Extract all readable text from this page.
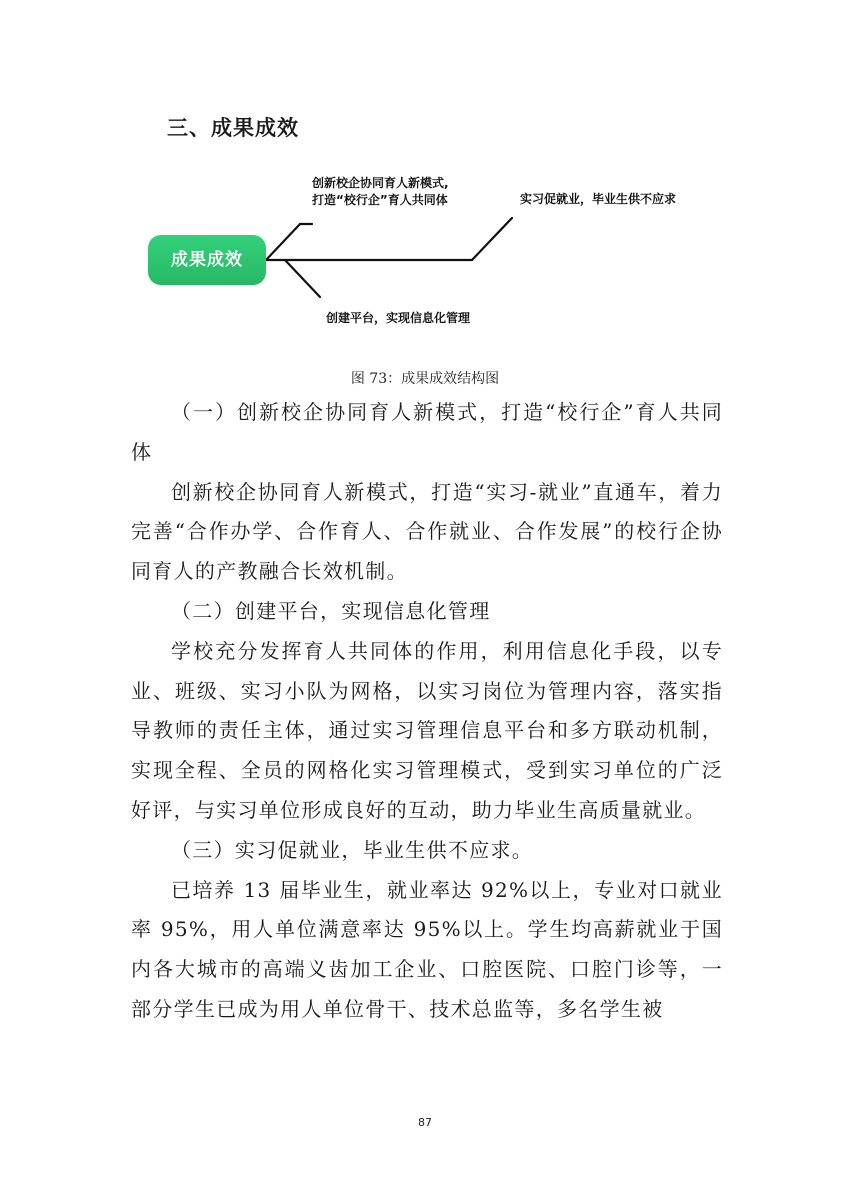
三、成果成效
成果成效
创新校企协同育人新模式,
打造“校行企”育人共同体	实习促就业，毕业生供不应求
创建平台，实现信息化管理
图 73：成果成效结构图

（一）创新校企协同育人新模式，打造“校行企”育人共同体

创新校企协同育人新模式，打造“实习-就业”直通车，着力完善“合作办学、合作育人、合作就业、合作发展”的校行企协同育人的产教融合长效机制。

（二）创建平台，实现信息化管理

学校充分发挥育人共同体的作用，利用信息化手段，以专业、班级、实习小队为网格，以实习岗位为管理内容，落实指导教师的责任主体，通过实习管理信息平台和多方联动机制，实现全程、全员的网格化实习管理模式，受到实习单位的广泛好评，与实习单位形成良好的互动，助力毕业生高质量就业。

（三）实习促就业，毕业生供不应求。

已培养 13 届毕业生，就业率达 92%以上，专业对口就业率 95%，用人单位满意率达 95%以上。学生均高薪就业于国内各大城市的高端义齿加工企业、口腔医院、口腔门诊等，一部分学生已成为用人单位骨干、技术总监等，多名学生被

87
